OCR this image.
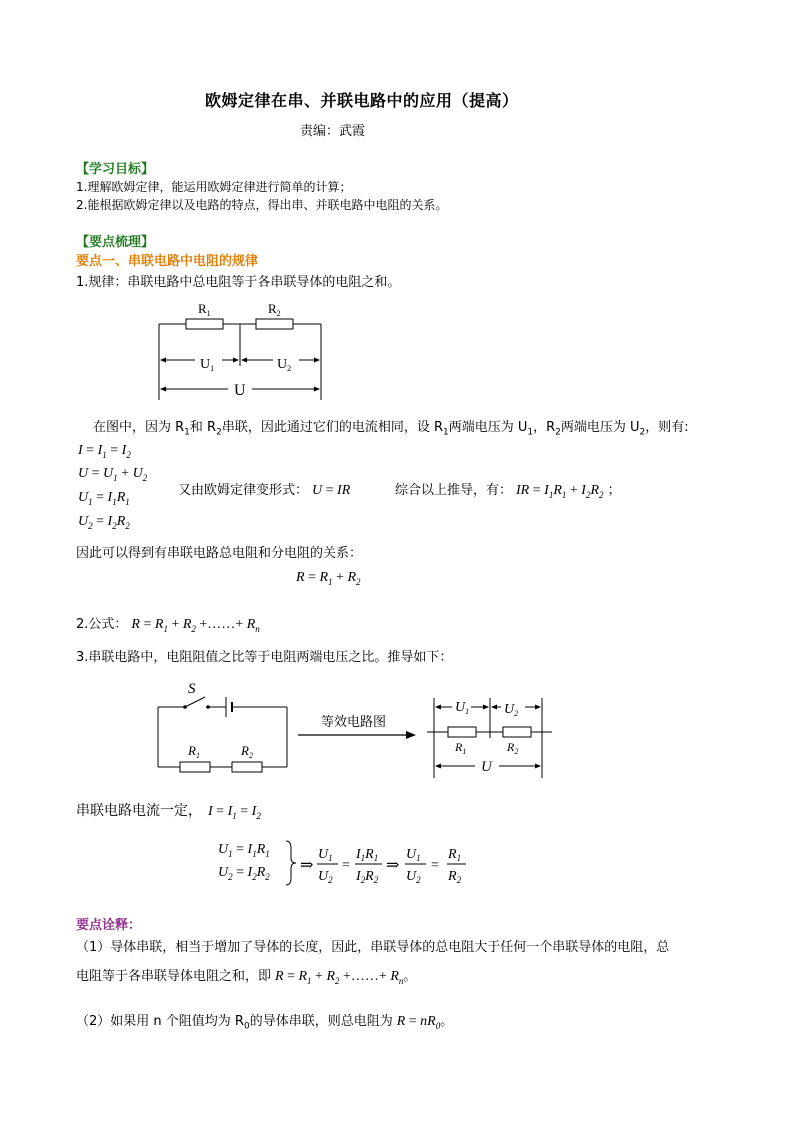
欧姆定律在串、并联电路中的应用（提高）
责编：武霞
【学习目标】
1.理解欧姆定律，能运用欧姆定律进行简单的计算；
2.能根据欧姆定律以及电路的特点，得出串、并联电路中电阻的关系。
【要点梳理】
要点一、串联电路中电阻的规律
1.规律：串联电路中总电阻等于各串联导体的电阻之和。
$R_1$	$R_2$
$U_1$	$U_2$
U
在图中，因为 $R_1$和 $R_2$串联，因此通过它们的电流相同，设 $R_1$两端电压为 $U_1$，$R_2$两端电压为 $U_2$，则有:
$I = I_1 = I_2$
$U = U_1 + U_2$
$U_1 = I_1R_1$
$U_2 = I_2R_2$
又由欧姆定律变形式： U = IR	综合以上推导，有： IR = $I_1R_1 + I_2R_2$ ；
因此可以得到有串联电路总电阻和分电阻的关系：
$R = R_1 + R_2$
2.公式： $R = R_1 + R_2$ +……+ $R_n$
3.串联电路中，电阻阻值之比等于电阻两端电压之比。推导如下：
S
$R_1$	$R_2$
等效电路图
$U_1$ $U_2$
$R_1$	$R_2$
U
串联电路电流一定， $I = I_1 = I_2$
$U_1 = I_1R_1$
$U_2 = I_2R_2$
⇒
$U_1$
$U_2$
=
$I_1R_1$
$I_2R_2$
⇒
$U_1$
$U_2$
=
$R_1$
$R_2$
要点诠释：
（1）导体串联，相当于增加了导体的长度，因此，串联导体的总电阻大于任何一个串联导体的电阻，总
电阻等于各串联导体电阻之和，即 $R = R_1 + R_2$ +……+ $R_n$。
（2）如果用 n 个阻值均为 $R_0$的导体串联，则总电阻为 $R = nR_0$。
